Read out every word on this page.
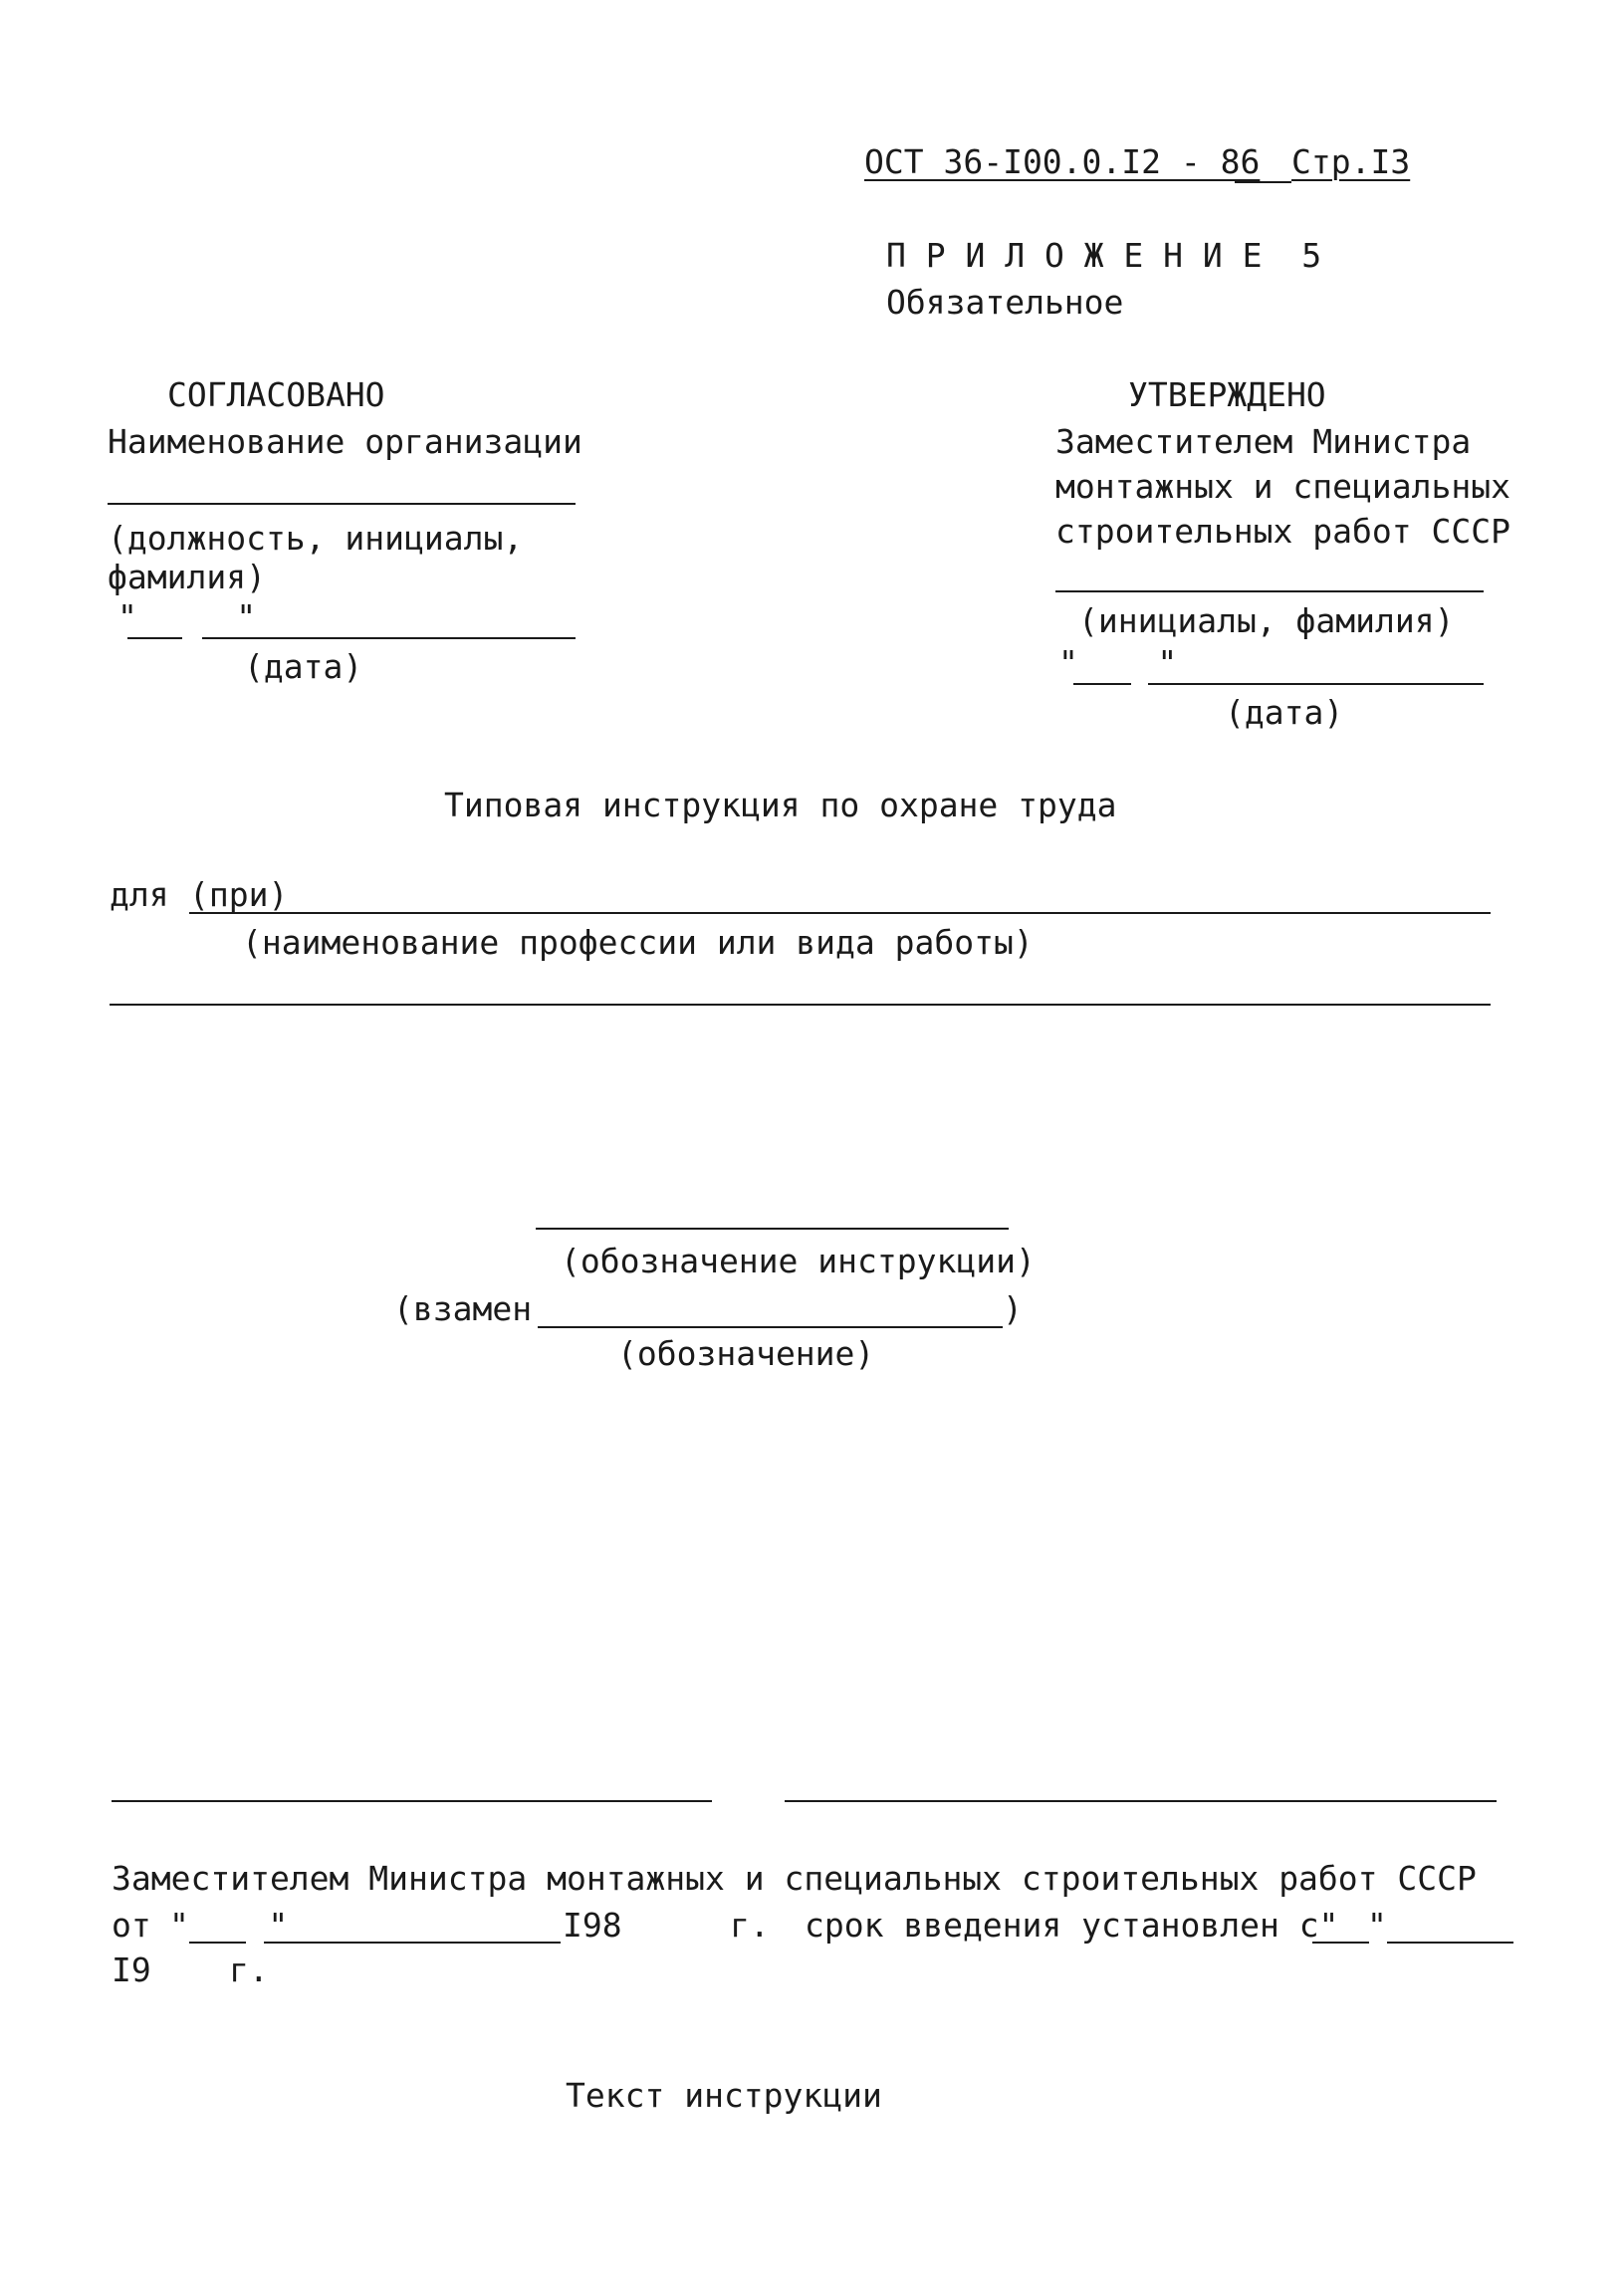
ОСТ 36-I00.0.I2 - 86 Стр.I3
П Р И Л О Ж Е Н И Е  5
Обязательное
СОГЛАСОВАНО
Наименование организации
(должность, инициалы,
фамилия)
"     "
(дата)
УТВЕРЖДЕНО
Заместителем Министра
монтажных и специальных
строительных работ СССР
(инициалы, фамилия)
"    "
(дата)
Типовая инструкция по охране труда
для (при)
(наименование профессии или вида работы)
(обозначение инструкции)
(взамен	)
(обозначение)
Заместителем Министра монтажных и специальных строительных работ СССР
от "    "	I98	г. срок введения установлен с" "
I9 г.
Текст инструкции
